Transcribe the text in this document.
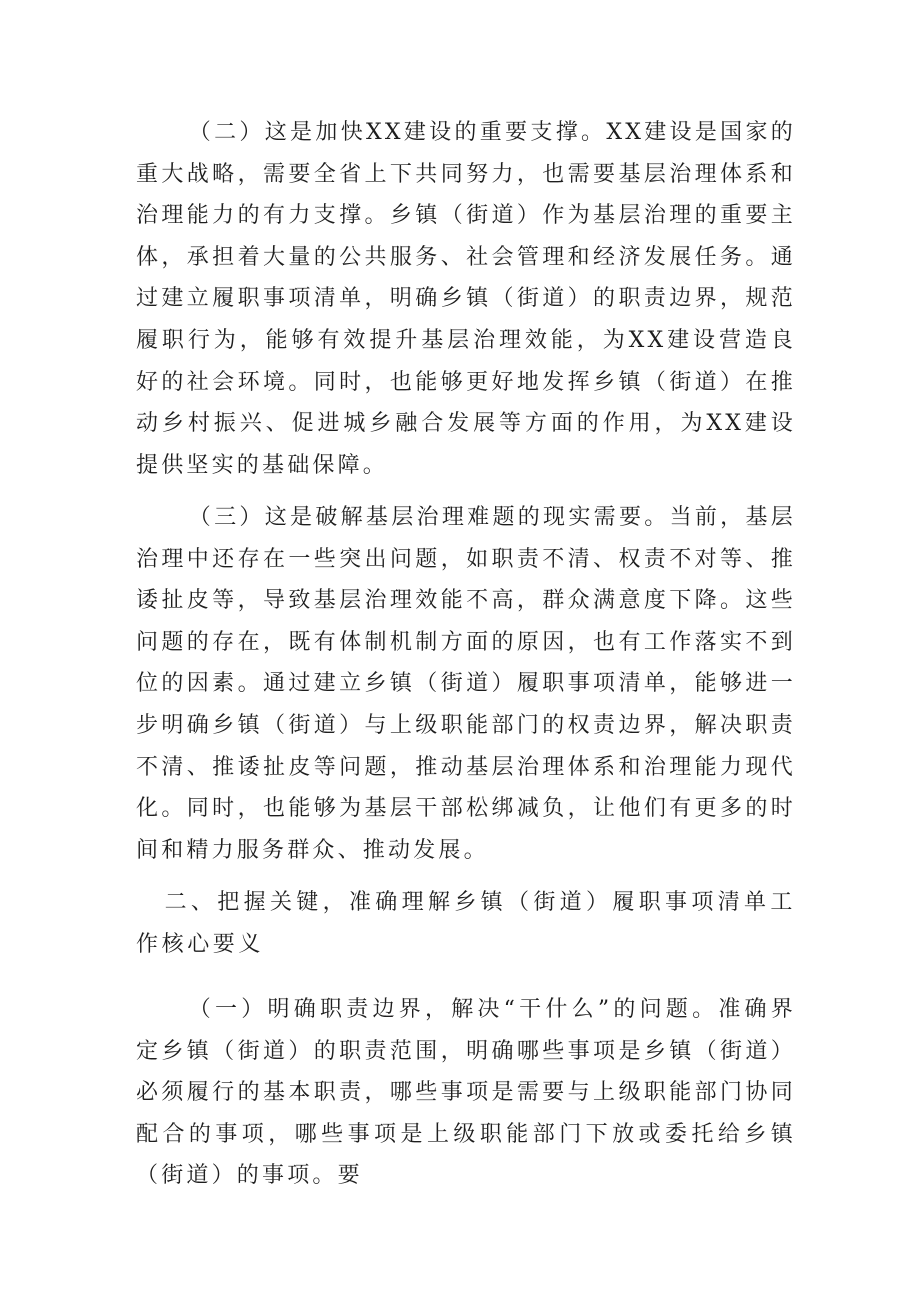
（二）这是加快XX建设的重要支撑。XX建设是国家的重大战略，需要全省上下共同努力，也需要基层治理体系和治理能力的有力支撑。乡镇（街道）作为基层治理的重要主体，承担着大量的公共服务、社会管理和经济发展任务。通过建立履职事项清单，明确乡镇（街道）的职责边界，规范履职行为，能够有效提升基层治理效能，为XX建设营造良好的社会环境。同时，也能够更好地发挥乡镇（街道）在推动乡村振兴、促进城乡融合发展等方面的作用，为XX建设提供坚实的基础保障。

（三）这是破解基层治理难题的现实需要。当前，基层治理中还存在一些突出问题，如职责不清、权责不对等、推诿扯皮等，导致基层治理效能不高，群众满意度下降。这些问题的存在，既有体制机制方面的原因，也有工作落实不到位的因素。通过建立乡镇（街道）履职事项清单，能够进一步明确乡镇（街道）与上级职能部门的权责边界，解决职责不清、推诿扯皮等问题，推动基层治理体系和治理能力现代化。同时，也能够为基层干部松绑减负，让他们有更多的时间和精力服务群众、推动发展。

二、把握关键，准确理解乡镇（街道）履职事项清单工作核心要义

（一）明确职责边界，解决“干什么”的问题。准确界定乡镇（街道）的职责范围，明确哪些事项是乡镇（街道）必须履行的基本职责，哪些事项是需要与上级职能部门协同配合的事项，哪些事项是上级职能部门下放或委托给乡镇（街道）的事项。要
